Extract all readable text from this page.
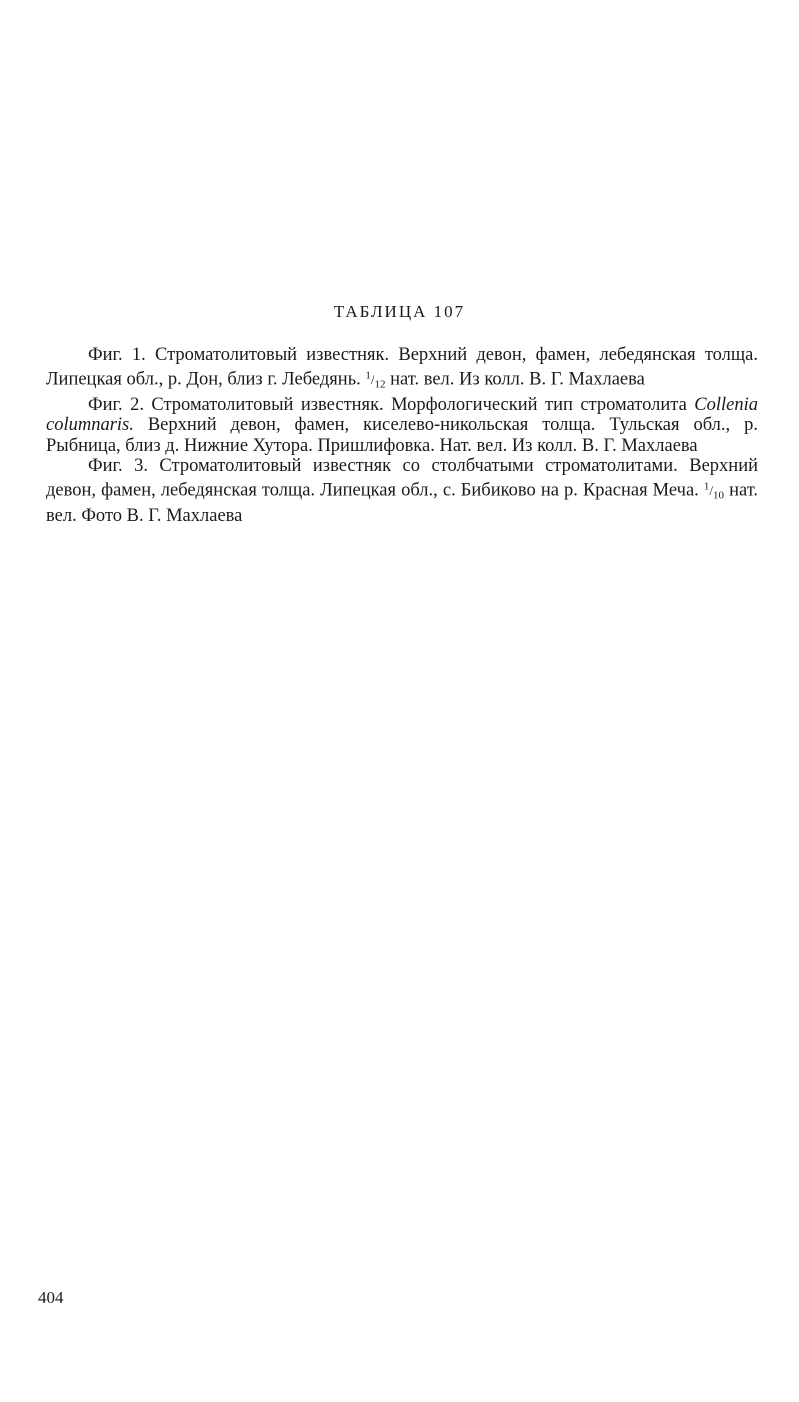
ТАБЛИЦА 107

Фиг. 1. Строматолитовый известняк. Верхний девон, фамен, лебедянская толща. Липецкая обл., р. Дон, близ г. Лебедянь. $^1/_{12}$ нат. вел. Из колл. В. Г. Махлаева

Фиг. 2. Строматолитовый известняк. Морфологический тип строматолита Collenia columnaris. Верхний девон, фамен, киселево-никольская толща. Тульская обл., р. Рыбница, близ д. Нижние Хутора. Пришлифовка. Нат. вел. Из колл. В. Г. Махлаева

Фиг. 3. Строматолитовый известняк со столбчатыми строматолитами. Верхний девон, фамен, лебедянская толща. Липецкая обл., с. Бибиково на р. Красная Меча. $^1/_{10}$ нат. вел. Фото В. Г. Махлаева

404
